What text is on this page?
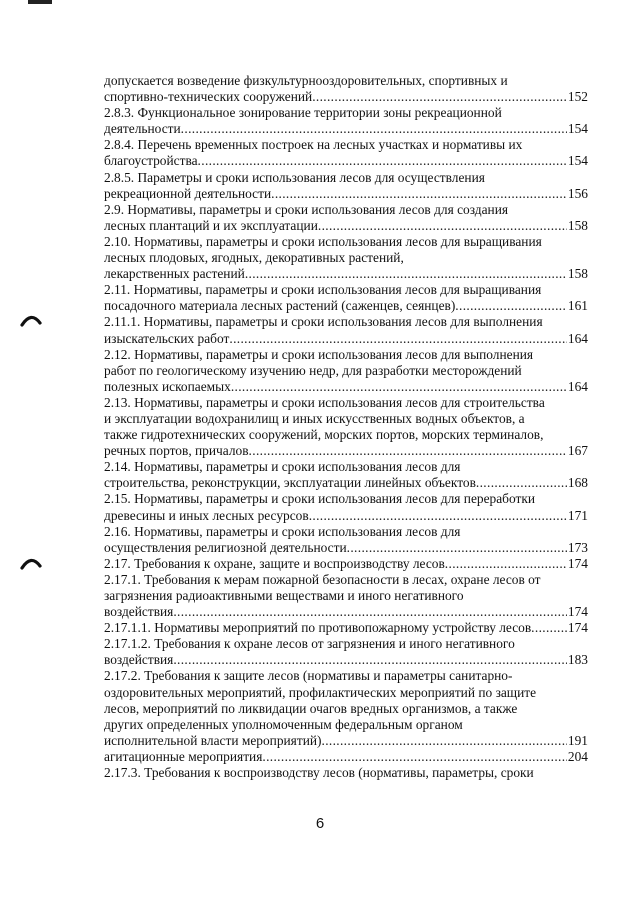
допускается возведение физкультурноoздоровительных, спортивных и
спортивно-технических сооружений . . .	152
2.8.3. Функциональное зонирование территории зоны рекреационной
деятельности . . .	154
2.8.4. Перечень временных построек на лесных участках и нормативы их
благоустройства . . .	154
2.8.5. Параметры и сроки использования лесов для осуществления
рекреационной деятельности . . .	156
2.9. Нормативы, параметры и сроки использования лесов для создания
лесных плантаций и их эксплуатации . . .	158
2.10. Нормативы, параметры и сроки использования лесов для выращивания
лесных плодовых, ягодных, декоративных растений,
лекарственных растений . . .	158
2.11. Нормативы, параметры и сроки использования лесов для выращивания
посадочного материала лесных растений (саженцев, сеянцев) . . .	161
2.11.1. Нормативы, параметры и сроки использования лесов для выполнения
изыскательских работ . . .	164
2.12. Нормативы, параметры и сроки использования лесов для выполнения
работ по геологическому изучению недр, для разработки месторождений
полезных ископаемых . . .	164
2.13. Нормативы, параметры и сроки использования лесов для строительства
и эксплуатации водохранилищ и иных искусственных водных объектов, а
также гидротехнических сооружений, морских портов, морских терминалов,
речных портов, причалов . . .	167
2.14. Нормативы, параметры и сроки использования лесов для
строительства, реконструкции, эксплуатации линейных объектов . . .	168
2.15. Нормативы, параметры и сроки использования лесов для переработки
древесины и иных лесных ресурсов . . .	171
2.16. Нормативы, параметры и сроки использования лесов для
осуществления религиозной деятельности . . .	173
2.17. Требования к охране, защите и воспроизводству лесов . . .	174
2.17.1. Требования к мерам пожарной безопасности в лесах, охране лесов от
загрязнения радиоактивными веществами и иного негативного
воздействия . . .	174
2.17.1.1. Нормативы мероприятий по противопожарному устройству лесов . . .	174
2.17.1.2. Требования к охране лесов от загрязнения и иного негативного
воздействия . . .	183
2.17.2. Требования к защите лесов (нормативы и параметры санитарно-
оздоровительных мероприятий, профилактических мероприятий по защите
лесов, мероприятий по ликвидации очагов вредных организмов, а также
других определенных уполномоченным федеральным органом
исполнительной власти мероприятий) . . .	191
агитационные мероприятия . . .	204
2.17.3. Требования к воспроизводству лесов (нормативы, параметры, сроки
6
